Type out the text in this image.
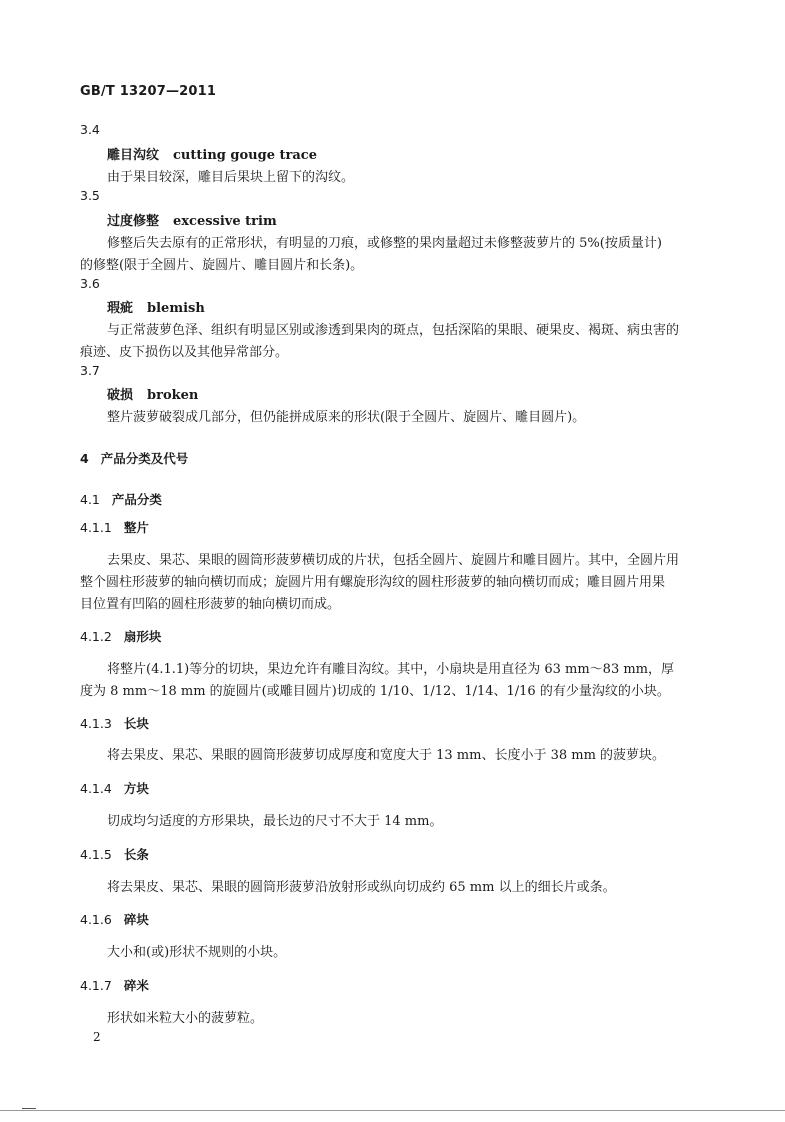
GB/T 13207—2011
3.4
雕目沟纹 cutting gouge trace
由于果目较深，雕目后果块上留下的沟纹。
3.5
过度修整 excessive trim
修整后失去原有的正常形状，有明显的刀痕，或修整的果肉量超过未修整菠萝片的 5%(按质量计)
的修整(限于全圆片、旋圆片、雕目圆片和长条)。
3.6
瑕疵 blemish
与正常菠萝色泽、组织有明显区别或渗透到果肉的斑点，包括深陷的果眼、硬果皮、褐斑、病虫害的
痕迹、皮下损伤以及其他异常部分。
3.7
破损 broken
整片菠萝破裂成几部分，但仍能拼成原来的形状(限于全圆片、旋圆片、雕目圆片)。
4 产品分类及代号
4.1 产品分类
4.1.1 整片
去果皮、果芯、果眼的圆筒形菠萝横切成的片状，包括全圆片、旋圆片和雕目圆片。其中，全圆片用
整个圆柱形菠萝的轴向横切而成；旋圆片用有螺旋形沟纹的圆柱形菠萝的轴向横切而成；雕目圆片用果
目位置有凹陷的圆柱形菠萝的轴向横切而成。
4.1.2 扇形块
将整片(4.1.1)等分的切块，果边允许有雕目沟纹。其中，小扇块是用直径为 63 mm～83 mm，厚
度为 8 mm～18 mm 的旋圆片(或雕目圆片)切成的 1/10、1/12、1/14、1/16 的有少量沟纹的小块。
4.1.3 长块
将去果皮、果芯、果眼的圆筒形菠萝切成厚度和宽度大于 13 mm、长度小于 38 mm 的菠萝块。
4.1.4 方块
切成均匀适度的方形果块，最长边的尺寸不大于 14 mm。
4.1.5 长条
将去果皮、果芯、果眼的圆筒形菠萝沿放射形或纵向切成约 65 mm 以上的细长片或条。
4.1.6 碎块
大小和(或)形状不规则的小块。
4.1.7 碎米
形状如米粒大小的菠萝粒。
2
